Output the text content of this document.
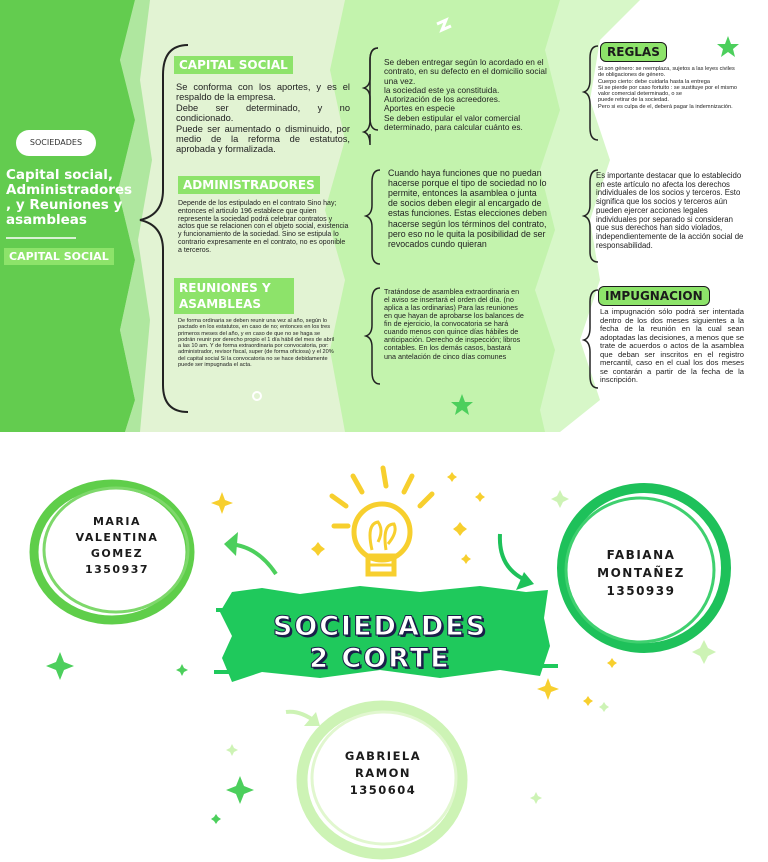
SOCIEDADES
Capital social, Administradores , y Reuniones y asambleas
CAPITAL SOCIAL
CAPITAL SOCIAL
Se conforma con los aportes, y es el respaldo de la empresa.
Debe ser determinado, y no condicionado.
Puede ser aumentado o disminuido, por medio de la reforma de estatutos, aprobada y formalizada.
Se deben entregar según lo acordado en el contrato, en su defecto en el domicilio social una vez.
la sociedad este ya constituida.
Autorización de los acreedores.
Aportes en especie
Se deben estipular el valor comercial determinado, para calcular cuánto es.
ADMINISTRADORES
Depende de los estipulado en el contrato Sino hay; entonces el articulo 196 establece que quien represente la sociedad podrá celebrar contratos y actos que se relacionen con el objeto social, existencia y funcionamiento de la sociedad. Sino se estipula lo contrario expresamente en el contrato, no es oponible a terceros.
Cuando haya funciones que no puedan hacerse porque el tipo de sociedad no lo permite, entonces la asamblea o junta de socios deben elegir al encargado de estas funciones. Estas elecciones deben hacerse según los términos del contrato, pero eso no le quita la posibilidad de ser revocados cundo quieran
REUNIONES Y ASAMBLEAS
De forma ordinaria se deben reunir una vez al año, según lo pactado en los estatutos, en caso de no; entonces en los tres primeros meses del año, y en caso de que no se haga se podrán reunir por derecho propio el 1 día hábil del mes de abril a las 10 am. Y de forma extraordinaria por convocatoria, por: administrador, revisor fiscal, super (de forma oficiosa) y el 20% del capital social Si la convocatoria no se hace debidamente puede ser impugnada el acta.
Tratándose de asamblea extraordinaria en el aviso se insertará el orden del día. (no aplica a las ordinarias) Para las reuniones en que hayan de aprobarse los balances de fin de ejercicio, la convocatoria se hará cuando menos con quince días hábiles de anticipación. Derecho de inspección; libros contables. En los demás casos, bastará una antelación de cinco días comunes
REGLAS
Si son género: se reemplaza, sujetos a las leyes civiles de obligaciones de género.
Cuerpo cierto: debe cuidarla hasta la entrega
Si se pierde por caso fortuito : se sustituye por el mismo valor comercial determinado, o se
puede retirar de la sociedad.
Pero si es culpa de el, deberá pagar la indemnización.
Es importante destacar que lo establecido en este artículo no afecta los derechos individuales de los socios y terceros. Esto significa que los socios y terceros aún pueden ejercer acciones legales individuales por separado si consideran que sus derechos han sido violados, independientemente de la acción social de responsabilidad.
IMPUGNACION
La impugnación sólo podrá ser intentada dentro de los dos meses siguientes a la fecha de la reunión en la cual sean adoptadas las decisiones, a menos que se trate de acuerdos o actos de la asamblea que deban ser inscritos en el registro mercantil, caso en el cual los dos meses se contarán a partir de la fecha de la inscripción.
SOCIEDADES
2 CORTE
MARIA
VALENTINA
GOMEZ
1350937
FABIANA
MONTAÑEZ
1350939
GABRIELA
RAMON
1350604
